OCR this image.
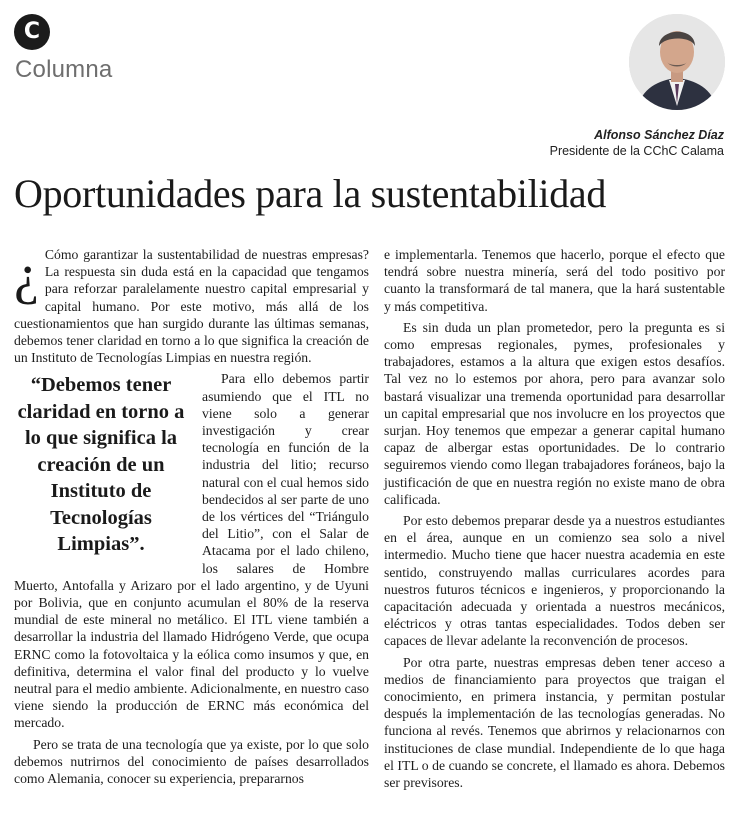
C
Columna
Alfonso Sánchez Díaz
Presidente de la CChC Calama
Oportunidades para la sustentabilidad

¿ Cómo garantizar la sustentabilidad de nuestras empresas? La respuesta sin duda está en la capacidad que tengamos para reforzar paralelamente nuestro capital empresarial y capital humano. Por este motivo, más allá de los cuestionamientos que han surgido durante las últimas semanas, debemos tener claridad en torno a lo que significa la creación de un Instituto de Tecnologías Limpias en nuestra región.

“Debemos tener claridad en torno a lo que significa la creación de un Instituto de Tecnologías Limpias”.
Para ello debemos partir asumiendo que el ITL no viene solo a generar investigación y crear tecnología en función de la industria del litio; recurso natural con el cual hemos sido bendecidos al ser parte de uno de los vértices del “Triángulo del Litio”, con el Salar de Atacama por el lado chileno, los salares de Hombre Muerto, Antofalla y Arizaro por el lado argentino, y de Uyuni por Bolivia, que en conjunto acumulan el 80% de la reserva mundial de este mineral no metálico. El ITL viene también a desarrollar la industria del llamado Hidrógeno Verde, que ocupa ERNC como la fotovoltaica y la eólica como insumos y que, en definitiva, determina el valor final del producto y lo vuelve neutral para el medio ambiente. Adicionalmente, en nuestro caso viene siendo la producción de ERNC más económica del mercado.

Pero se trata de una tecnología que ya existe, por lo que solo debemos nutrirnos del conocimiento de países desarrollados como Alemania, conocer su experiencia, prepararnos

e implementarla. Tenemos que hacerlo, porque el efecto que tendrá sobre nuestra minería, será del todo positivo por cuanto la transformará de tal manera, que la hará sustentable y más competitiva.

Es sin duda un plan prometedor, pero la pregunta es si como empresas regionales, pymes, profesionales y trabajadores, estamos a la altura que exigen estos desafíos. Tal vez no lo estemos por ahora, pero para avanzar solo bastará visualizar una tremenda oportunidad para desarrollar un capital empresarial que nos involucre en los proyectos que surjan. Hoy tenemos que empezar a generar capital humano capaz de albergar estas oportunidades. De lo contrario seguiremos viendo como llegan trabajadores foráneos, bajo la justificación de que en nuestra región no existe mano de obra calificada.

Por esto debemos preparar desde ya a nuestros estudiantes en el área, aunque en un comienzo sea solo a nivel intermedio. Mucho tiene que hacer nuestra academia en este sentido, construyendo mallas curriculares acordes para nuestros futuros técnicos e ingenieros, y proporcionando la capacitación adecuada y orientada a nuestros mecánicos, eléctricos y otras tantas especialidades. Todos deben ser capaces de llevar adelante la reconvención de procesos.

Por otra parte, nuestras empresas deben tener acceso a medios de financiamiento para proyectos que traigan el conocimiento, en primera instancia, y permitan postular después la implementación de las tecnologías generadas. No funciona al revés. Tenemos que abrirnos y relacionarnos con instituciones de clase mundial. Independiente de lo que haga el ITL o de cuando se concrete, el llamado es ahora. Debemos ser previsores.
